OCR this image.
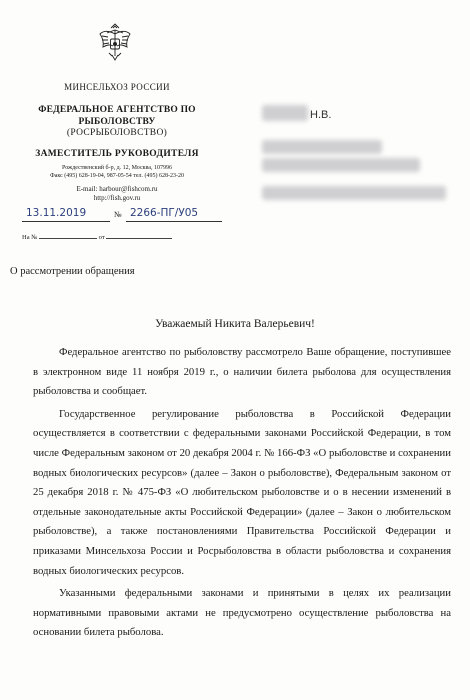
МИНСЕЛЬХОЗ РОССИИ
ФЕДЕРАЛЬНОЕ АГЕНТСТВО ПО
РЫБОЛОВСТВУ
(РОСРЫБОЛОВСТВО)
ЗАМЕСТИТЕЛЬ РУКОВОДИТЕЛЯ
Рождественский б-р, д. 12, Москва, 107996
Факс (495) 628-19-04, 987-05-54 тел. (495) 628-23-20
E-mail: harbour@fishcom.ru
http://fish.gov.ru
13.11.2019	№ 2266-ПГ/У05
На №	от
Н.В.
О рассмотрении обращения
Уважаемый Никита Валерьевич!

Федеральное агентство по рыболовству рассмотрело Ваше обращение, поступившее в электронном виде 11 ноября 2019 г., о наличии билета рыболова для осуществления рыболовства и сообщает.

Государственное регулирование рыболовства в Российской Федерации осуществляется в соответствии с федеральными законами Российской Федерации, в том числе Федеральным законом от 20 декабря 2004 г. № 166-ФЗ «О рыболовстве и сохранении водных биологических ресурсов» (далее – Закон о рыболовстве), Федеральным законом от 25 декабря 2018 г. № 475-ФЗ «О любительском рыболовстве и о в несении изменений в отдельные законодательные акты Российской Федерации» (далее – Закон о любительском рыболовстве), а также постановлениями Правительства Российской Федерации и приказами Минсельхоза России и Росрыболовства в области рыболовства и сохранения водных биологических ресурсов.

Указанными федеральными законами и принятыми в целях их реализации нормативными правовыми актами не предусмотрено осуществление рыболовства на основании билета рыболова.
